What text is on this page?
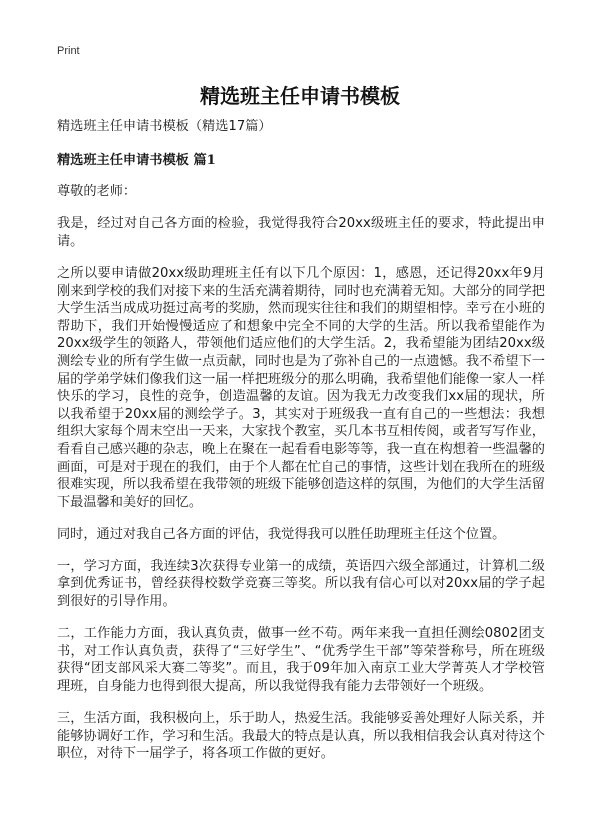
Print
精选班主任申请书模板

精选班主任申请书模板（精选17篇）

精选班主任申请书模板 篇1

尊敬的老师：

我是，经过对自己各方面的检验，我觉得我符合20xx级班主任的要求，特此提出申请。

之所以要申请做20xx级助理班主任有以下几个原因：1，感恩，还记得20xx年9月刚来到学校的我们对接下来的生活充满着期待，同时也充满着无知。大部分的同学把大学生活当成成功挺过高考的奖励，然而现实往往和我们的期望相悖。幸亏在小班的帮助下，我们开始慢慢适应了和想象中完全不同的大学的生活。所以我希望能作为20xx级学生的领路人，带领他们适应他们的大学生活。2，我希望能为团结20xx级测绘专业的所有学生做一点贡献，同时也是为了弥补自己的一点遗憾。我不希望下一届的学弟学妹们像我们这一届一样把班级分的那么明确，我希望他们能像一家人一样快乐的学习，良性的竞争，创造温馨的友谊。因为我无力改变我们xx届的现状，所以我希望于20xx届的测绘学子。3，其实对于班级我一直有自己的一些想法：我想组织大家每个周末空出一天来，大家找个教室，买几本书互相传阅，或者写写作业，看看自己感兴趣的杂志，晚上在聚在一起看看电影等等，我一直在构想着一些温馨的画面，可是对于现在的我们，由于个人都在忙自己的事情，这些计划在我所在的班级很难实现，所以我希望在我带领的班级下能够创造这样的氛围，为他们的大学生活留下最温馨和美好的回忆。

同时，通过对我自己各方面的评估，我觉得我可以胜任助理班主任这个位置。

一，学习方面，我连续3次获得专业第一的成绩，英语四六级全部通过，计算机二级拿到优秀证书，曾经获得校数学竞赛三等奖。所以我有信心可以对20xx届的学子起到很好的引导作用。

二，工作能力方面，我认真负责，做事一丝不苟。两年来我一直担任测绘0802团支书，对工作认真负责，获得了“三好学生”、“优秀学生干部”等荣誉称号，所在班级获得“团支部风采大赛二等奖”。而且，我于09年加入南京工业大学菁英人才学校管理班，自身能力也得到很大提高，所以我觉得我有能力去带领好一个班级。

三，生活方面，我积极向上，乐于助人，热爱生活。我能够妥善处理好人际关系，并能够协调好工作，学习和生活。我最大的特点是认真，所以我相信我会认真对待这个职位，对待下一届学子，将各项工作做的更好。
